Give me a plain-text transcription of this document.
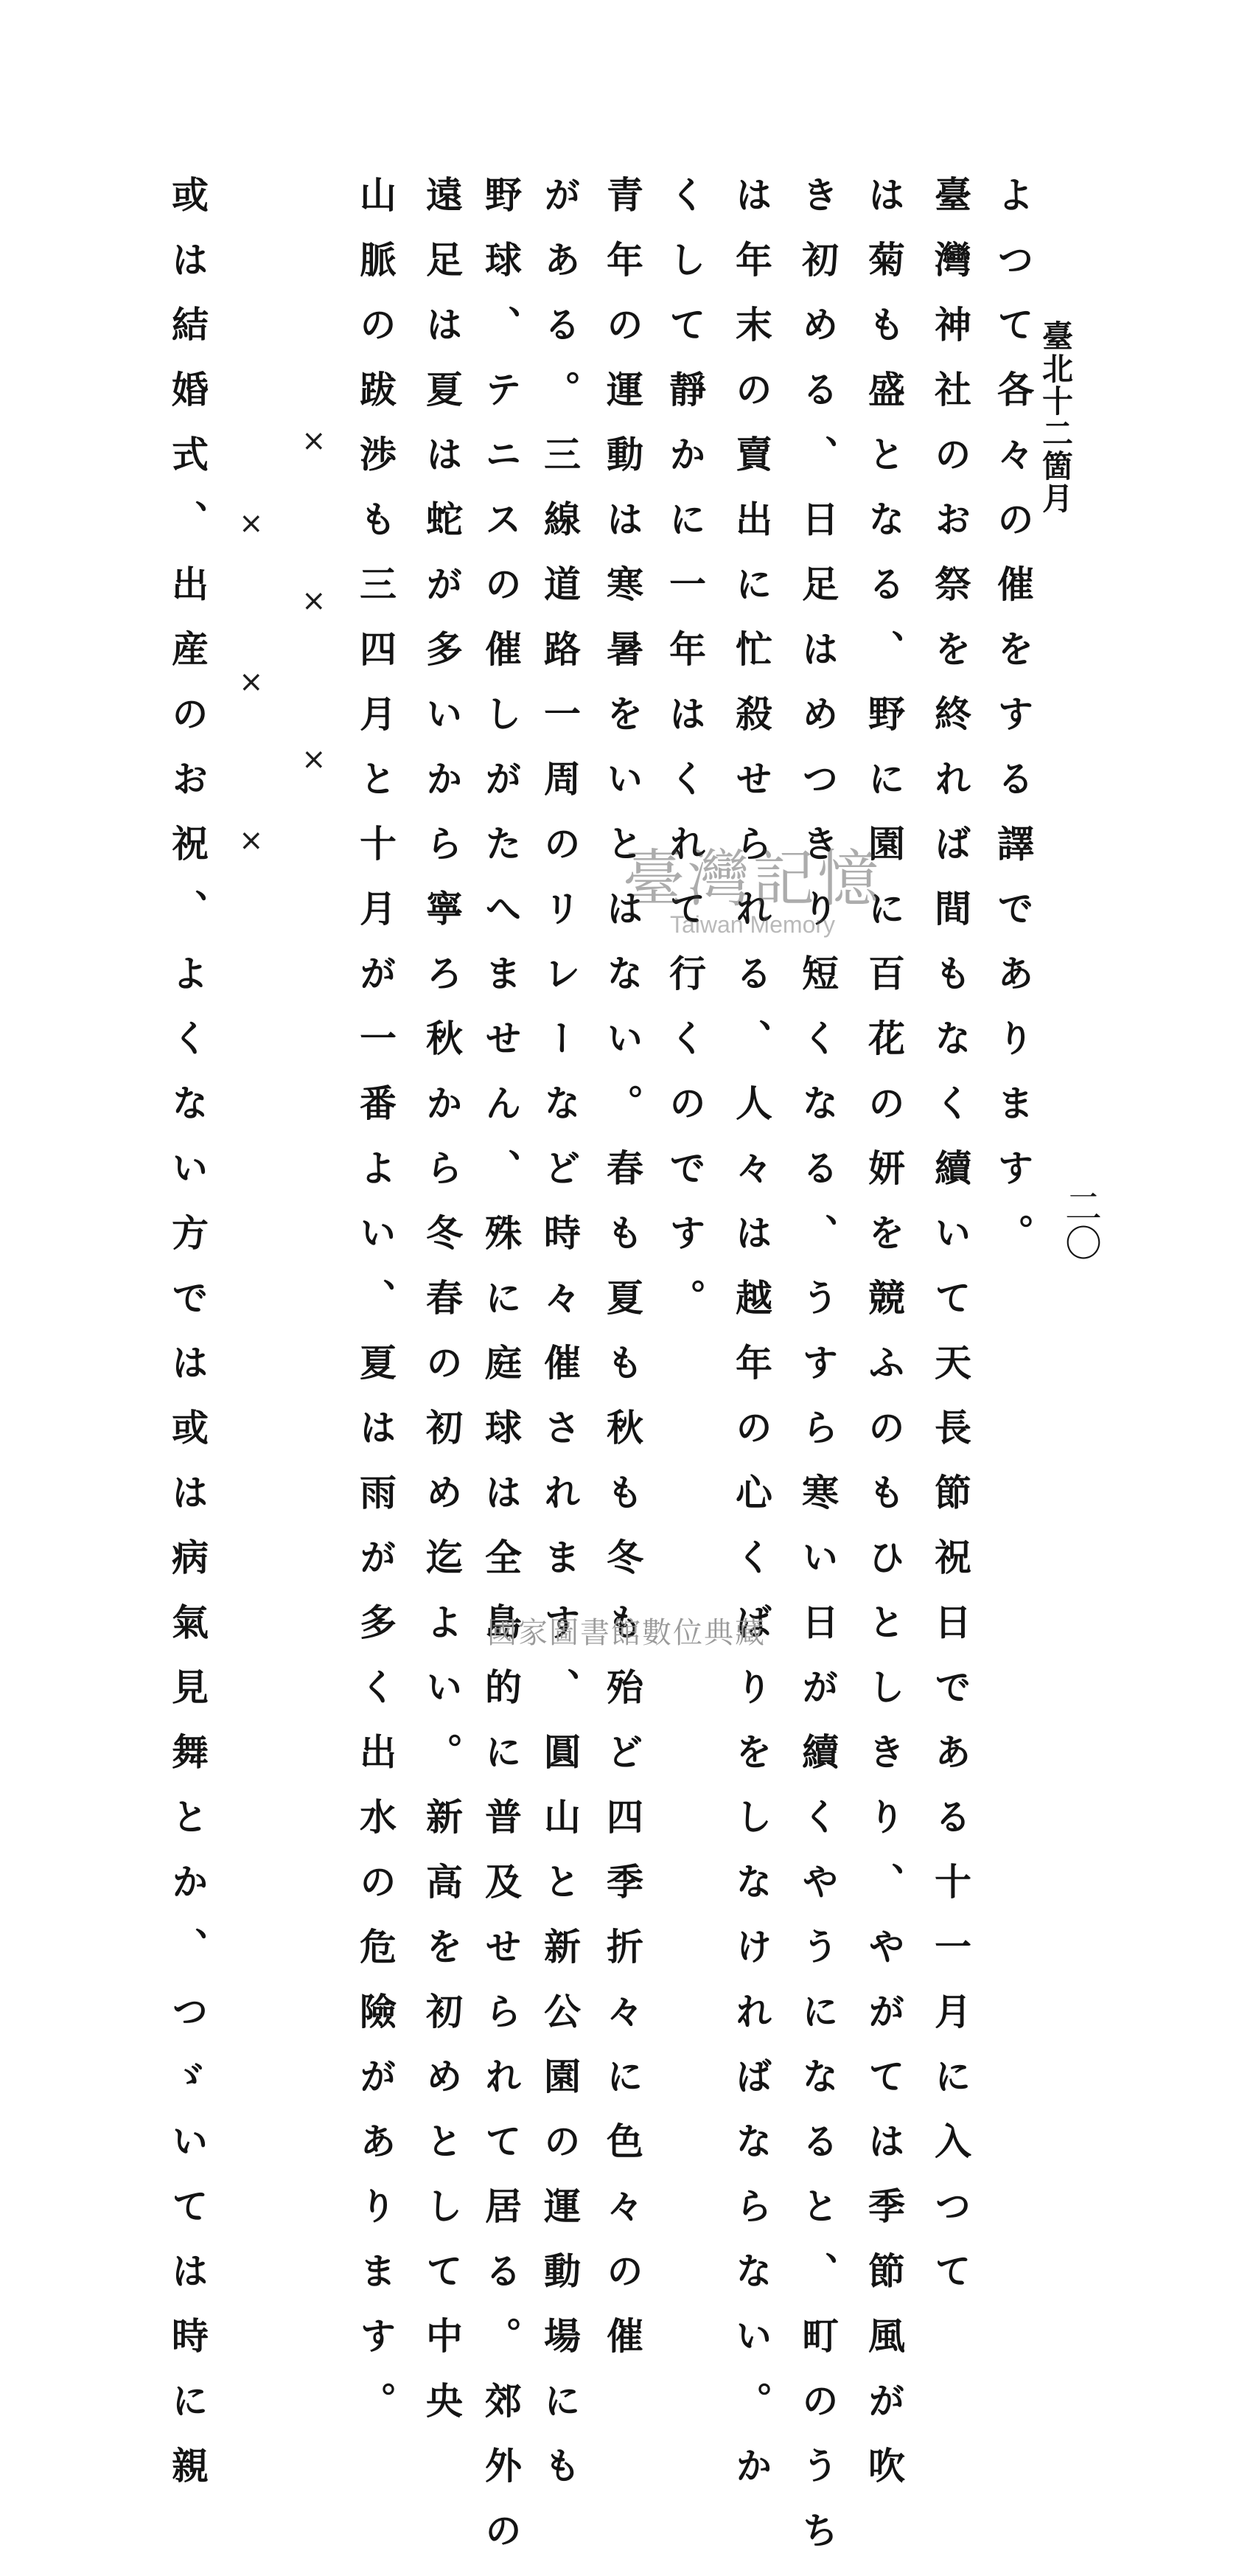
臺北十二箇月
二〇
よつて各々の催をする譯であります。
臺灣神社のお祭を終れば間もなく續いて天長節祝日である十一月に入つて
は菊も盛となる、野に園に百花の妍を競ふのもひとしきり、やがては季節風が吹
き初める、日足はめつきり短くなる、うすら寒い日が續くやうになると、町のうち
は年末の賣出に忙殺せられる、人々は越年の心くばりをしなければならない。か
くして靜かに一年はくれて行くのです。
青年の運動は寒暑をいとはない。春も夏も秋も冬も殆ど四季折々に色々の催
がある。三線道路一周のリレーなど時々催されます、圓山と新公園の運動場にも
野球、テニスの催しがたへません、殊に庭球は全島的に普及せられて居る。郊外の
遠足は夏は蛇が多いから寧ろ秋から冬春の初め迄よい。新高を初めとして中央
山脈の跋渉も三四月と十月が一番よい、夏は雨が多く出水の危險があります。
×
×
×
×
×
×
或は結婚式、出産のお祝、よくない方では或は病氣見舞とか、つゞいては時に親	臺灣記憶
Taiwan Memory
國家圖書館數位典藏
